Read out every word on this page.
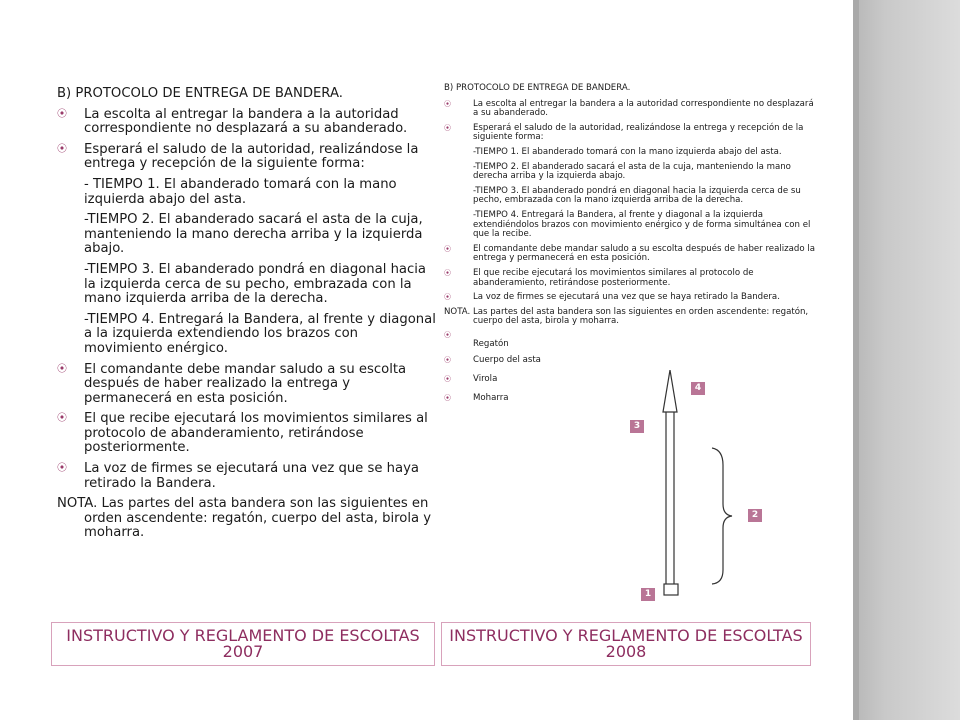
B) PROTOCOLO DE ENTREGA DE BANDERA.

⦿ La escolta al entregar la bandera a la autoridad correspondiente no desplazará a su abanderado.

⦿ Esperará el saludo de la autoridad, realizándose la entrega y recepción de la siguiente forma:

- TIEMPO 1. El abanderado tomará con la mano izquierda abajo del asta.

-TIEMPO 2. El abanderado sacará el asta de la cuja, manteniendo la mano derecha arriba y la izquierda abajo.

-TIEMPO 3. El abanderado pondrá en diagonal hacia la izquierda cerca de su pecho, embrazada con la mano izquierda arriba de la derecha.

-TIEMPO 4. Entregará la Bandera, al frente y diagonal a la izquierda extendiendo los brazos con movimiento enérgico.

⦿ El comandante debe mandar saludo a su escolta después de haber realizado la entrega y permanecerá en esta posición.

⦿ El que recibe ejecutará los movimientos similares al protocolo de abanderamiento, retirándose posteriormente.

⦿ La voz de firmes se ejecutará una vez que se haya retirado la Bandera.

NOTA. Las partes del asta bandera son las siguientes en orden ascendente: regatón, cuerpo del asta, birola y moharra.

B) PROTOCOLO DE ENTREGA DE BANDERA.

⦿	La escolta al entregar la bandera a la autoridad correspondiente no desplazará a su abanderado.

⦿	Esperará el saludo de la autoridad, realizándose la entrega y recepción de la siguiente forma:

-TIEMPO 1. El abanderado tomará con la mano izquierda abajo del asta.

-TIEMPO 2. El abanderado sacará el asta de la cuja, manteniendo la mano derecha arriba y la izquierda abajo.

-TIEMPO 3. El abanderado pondrá en diagonal hacia la izquierda cerca de su pecho, embrazada con la mano izquierda arriba de la derecha.

-TIEMPO 4. Entregará la Bandera, al frente y diagonal a la izquierda extendiéndolos brazos con movimiento enérgico y de forma simultánea con el que la recibe.

⦿	El comandante debe mandar saludo a su escolta después de haber realizado la entrega y permanecerá en esta posición.

⦿	El que recibe ejecutará los movimientos similares al protocolo de abanderamiento, retirándose posteriormente.

⦿	La voz de firmes se ejecutará una vez que se haya retirado la Bandera.

NOTA. Las partes del asta bandera son las siguientes en orden ascendente: regatón, cuerpo del asta, birola y moharra.

⦿
Regatón
⦿	Cuerpo del asta
⦿	Virola
⦿	Moharra
4
3
2
1
INSTRUCTIVO Y REGLAMENTO DE ESCOLTAS 2007
INSTRUCTIVO Y REGLAMENTO DE ESCOLTAS 2008
